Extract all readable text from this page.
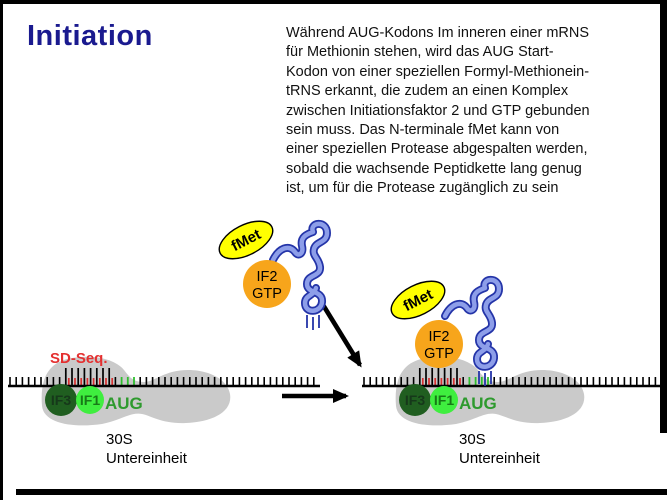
Initiation	Während AUG-Kodons Im inneren einer mRNS
für Methionin stehen, wird das AUG Start-
Kodon von einer speziellen Formyl-Methionein-
tRNS erkannt, die zudem an einen Komplex
zwischen Initiationsfaktor 2 und GTP gebunden
sein muss. Das N-terminale fMet kann von
einer speziellen Protease abgespalten werden,
sobald die wachsende Peptidkette lang genug
ist, um für die Protease zugänglich zu sein
SD-Seq.
IF3 IF1 AUG
30S
Untereinheit
IF3 IF1 AUG
30S
Untereinheit
IF2
GTP
fMet
IF2
GTP
fMet
